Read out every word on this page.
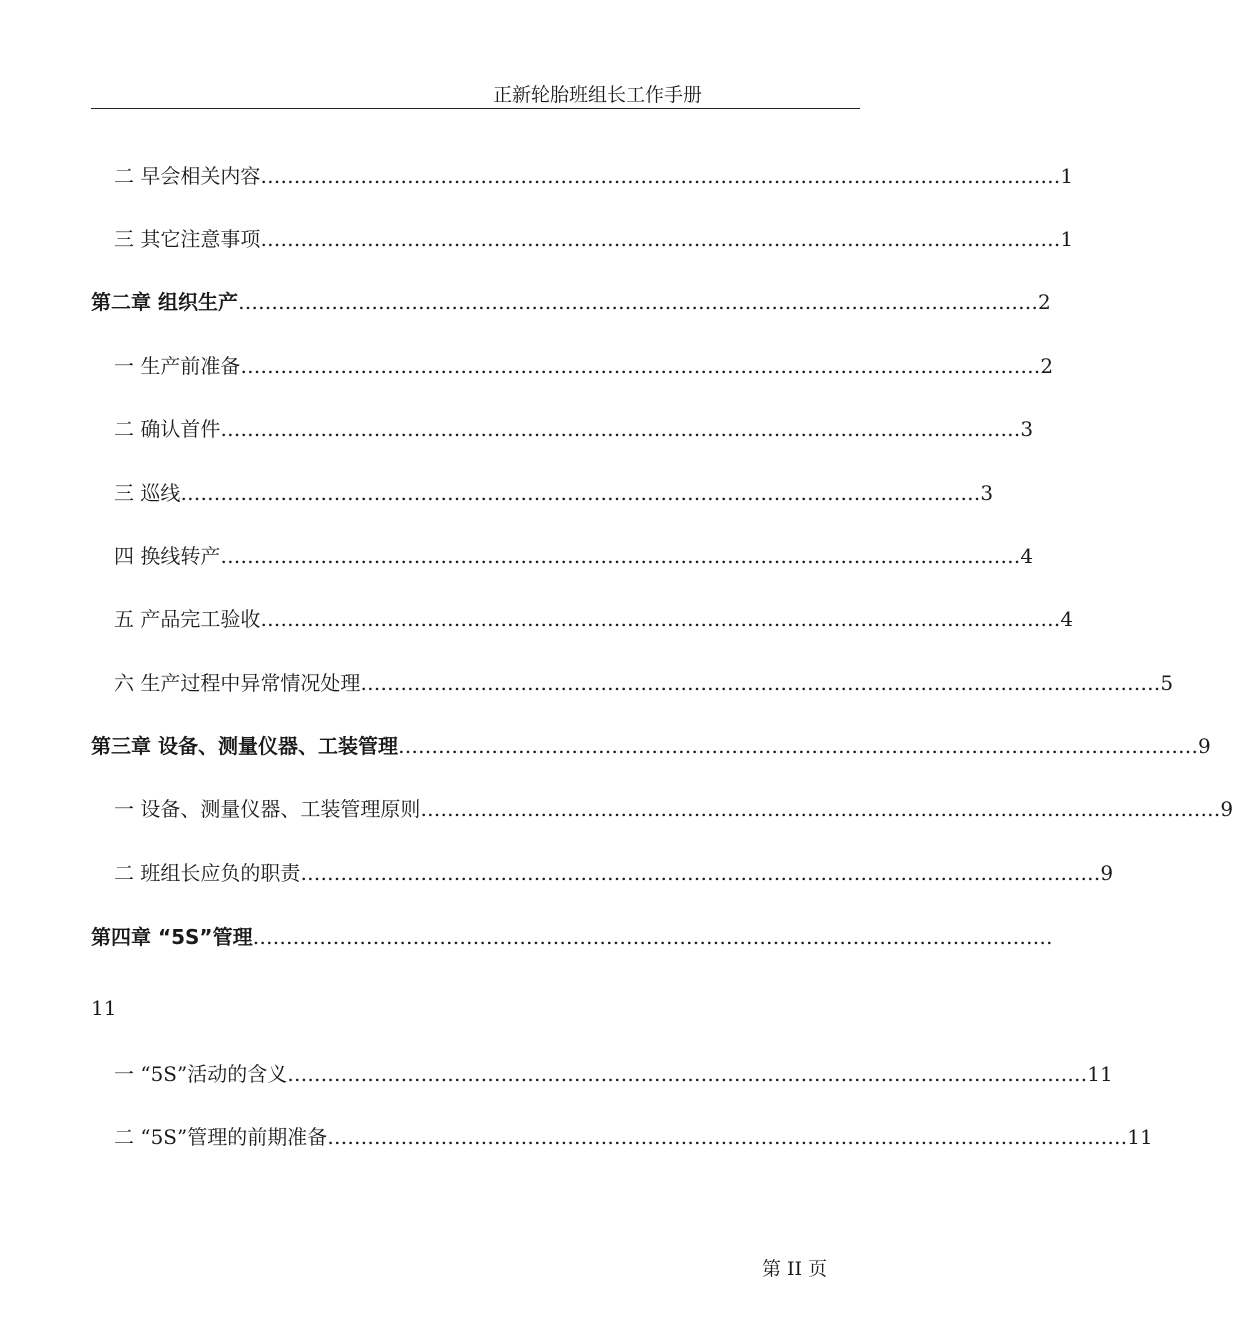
正新轮胎班组长工作手册
二 早会相关内容 ………………………………………………………………………………………………………… 1
三 其它注意事项 ………………………………………………………………………………………………………… 1
第二章 组织生产 ………………………………………………………………………………………………………… 2
一 生产前准备 ………………………………………………………………………………………………………… 2
二 确认首件 ………………………………………………………………………………………………………… 3
三 巡线 ………………………………………………………………………………………………………… 3
四 换线转产 ………………………………………………………………………………………………………… 4
五 产品完工验收 ………………………………………………………………………………………………………… 4
六 生产过程中异常情况处理 ………………………………………………………………………………………………………… 5
第三章 设备、测量仪器、工装管理 ………………………………………………………………………………………………………… 9
一 设备、测量仪器、工装管理原则 ………………………………………………………………………………………………………… 9
二 班组长应负的职责 ………………………………………………………………………………………………………… 9
第四章 “5S”管理 …………………………………………………………………………………………………………
11
一 “5S”活动的含义 ………………………………………………………………………………………………………… 11
二 “5S”管理的前期准备 ………………………………………………………………………………………………………… 11
第 II 页
